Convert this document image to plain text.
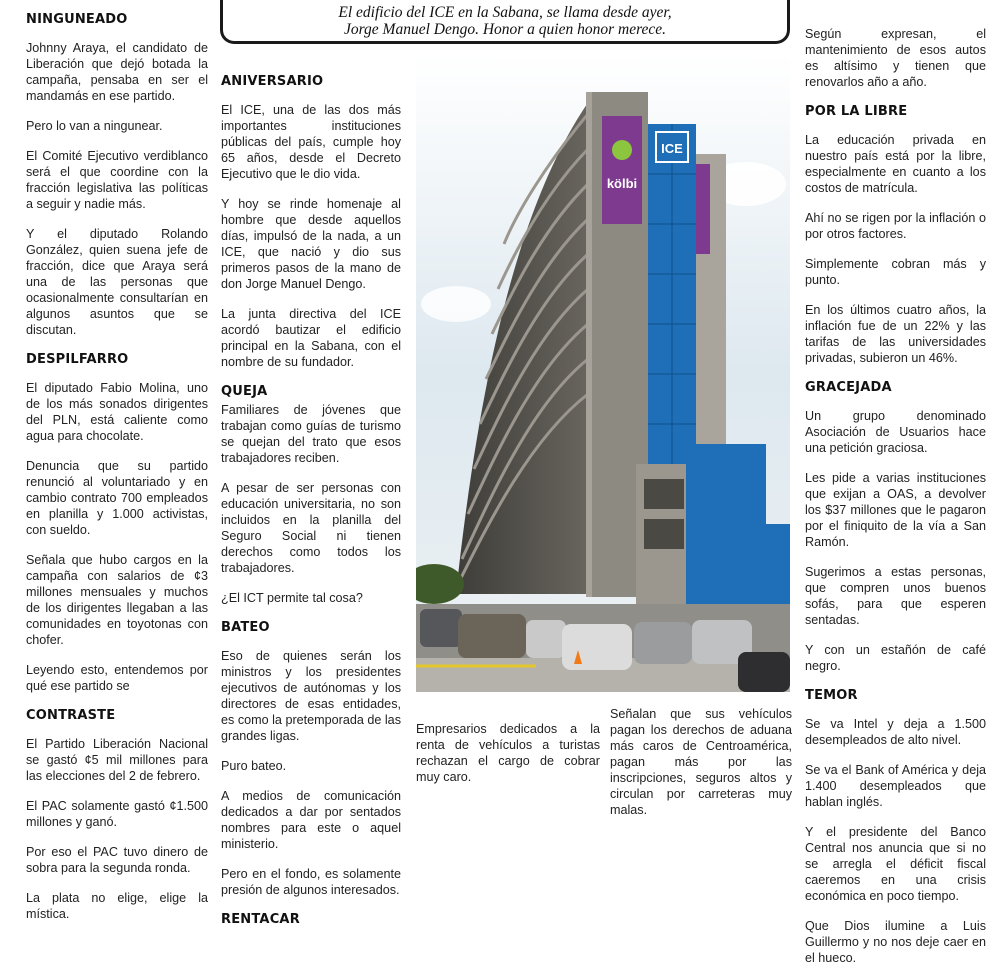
El edificio del ICE en la Sabana, se llama desde ayer,
Jorge Manuel Dengo. Honor a quien honor merece.
NINGUNEADO

Johnny Araya, el candidato de Liberación que dejó botada la campaña, pensaba en ser el mandamás en ese partido.

Pero lo van a ningunear.

El Comité Ejecutivo verdiblanco será el que coordine con la fracción legislativa las políticas a seguir y nadie más.

Y el diputado Rolando González, quien suena jefe de fracción, dice que Araya será una de las personas que ocasionalmente consultarían en algunos asuntos que se discutan.

DESPILFARRO

El diputado Fabio Molina, uno de los más sonados dirigentes del PLN, está caliente como agua para chocolate.

Denuncia que su partido renunció al voluntariado y en cambio contrato 700 empleados en planilla y 1.000 activistas, con sueldo.

Señala que hubo cargos en la campaña con salarios de ¢3 millones mensuales y muchos de los dirigentes llegaban a las comunidades en toyotonas con chofer.

Leyendo esto, entendemos por qué ese partido se

CONTRASTE

El Partido Liberación Nacional se gastó ¢5 mil millones para las elecciones del 2 de febrero.

El PAC solamente gastó ¢1.500 millones y ganó.

Por eso el PAC tuvo dinero de sobra para la segunda ronda.

La plata no elige, elige la mística.

ANIVERSARIO

El ICE, una de las dos más importantes instituciones públicas del país, cumple hoy 65 años, desde el Decreto Ejecutivo que le dio vida.

Y hoy se rinde homenaje al hombre que desde aquellos días, impulsó de la nada, a un ICE, que nació y dio sus primeros pasos de la mano de don Jorge Manuel Dengo.

La junta directiva del ICE acordó bautizar el edificio principal en la Sabana, con el nombre de su fundador.

QUEJA

Familiares de jóvenes que trabajan como guías de turismo se quejan del trato que esos trabajadores reciben.

A pesar de ser personas con educación universitaria, no son incluidos en la planilla del Seguro Social ni tienen derechos como todos los trabajadores.

¿El ICT permite tal cosa?

BATEO

Eso de quienes serán los ministros y los presidentes ejecutivos de autónomas y los directores de esas entidades, es como la pretemporada de las grandes ligas.

Puro bateo.

A medios de comunicación dedicados a dar por sentados nombres para este o aquel ministerio.

Pero en el fondo, es solamente presión de algunos interesados.

RENTACAR
kölbi
ICE
Empresarios dedicados a la renta de vehículos a turistas rechazan el cargo de cobrar muy caro.
Señalan que sus vehículos pagan los derechos de aduana más caros de Centroamérica, pagan más por las inscripciones, seguros altos y circulan por carreteras muy malas.

Según expresan, el mantenimiento de esos autos es altísimo y tienen que renovarlos año a año.

POR LA LIBRE

La educación privada en nuestro país está por la libre, especialmente en cuanto a los costos de matrícula.

Ahí no se rigen por la inflación o por otros factores.

Simplemente cobran más y punto.

En los últimos cuatro años, la inflación fue de un 22% y las tarifas de las universidades privadas, subieron un 46%.

GRACEJADA

Un grupo denominado Asociación de Usuarios hace una petición graciosa.

Les pide a varias instituciones que exijan a OAS, a devolver los $37 millones que le pagaron por el finiquito de la vía a San Ramón.

Sugerimos a estas personas, que compren unos buenos sofás, para que esperen sentadas.

Y con un estañón de café negro.

TEMOR

Se va Intel y deja a 1.500 desempleados de alto nivel.

Se va el Bank of América y deja 1.400 desempleados que hablan inglés.

Y el presidente del Banco Central nos anuncia que si no se arregla el déficit fiscal caeremos en una crisis económica en poco tiempo.

Que Dios ilumine a Luis Guillermo y no nos deje caer en el hueco.
